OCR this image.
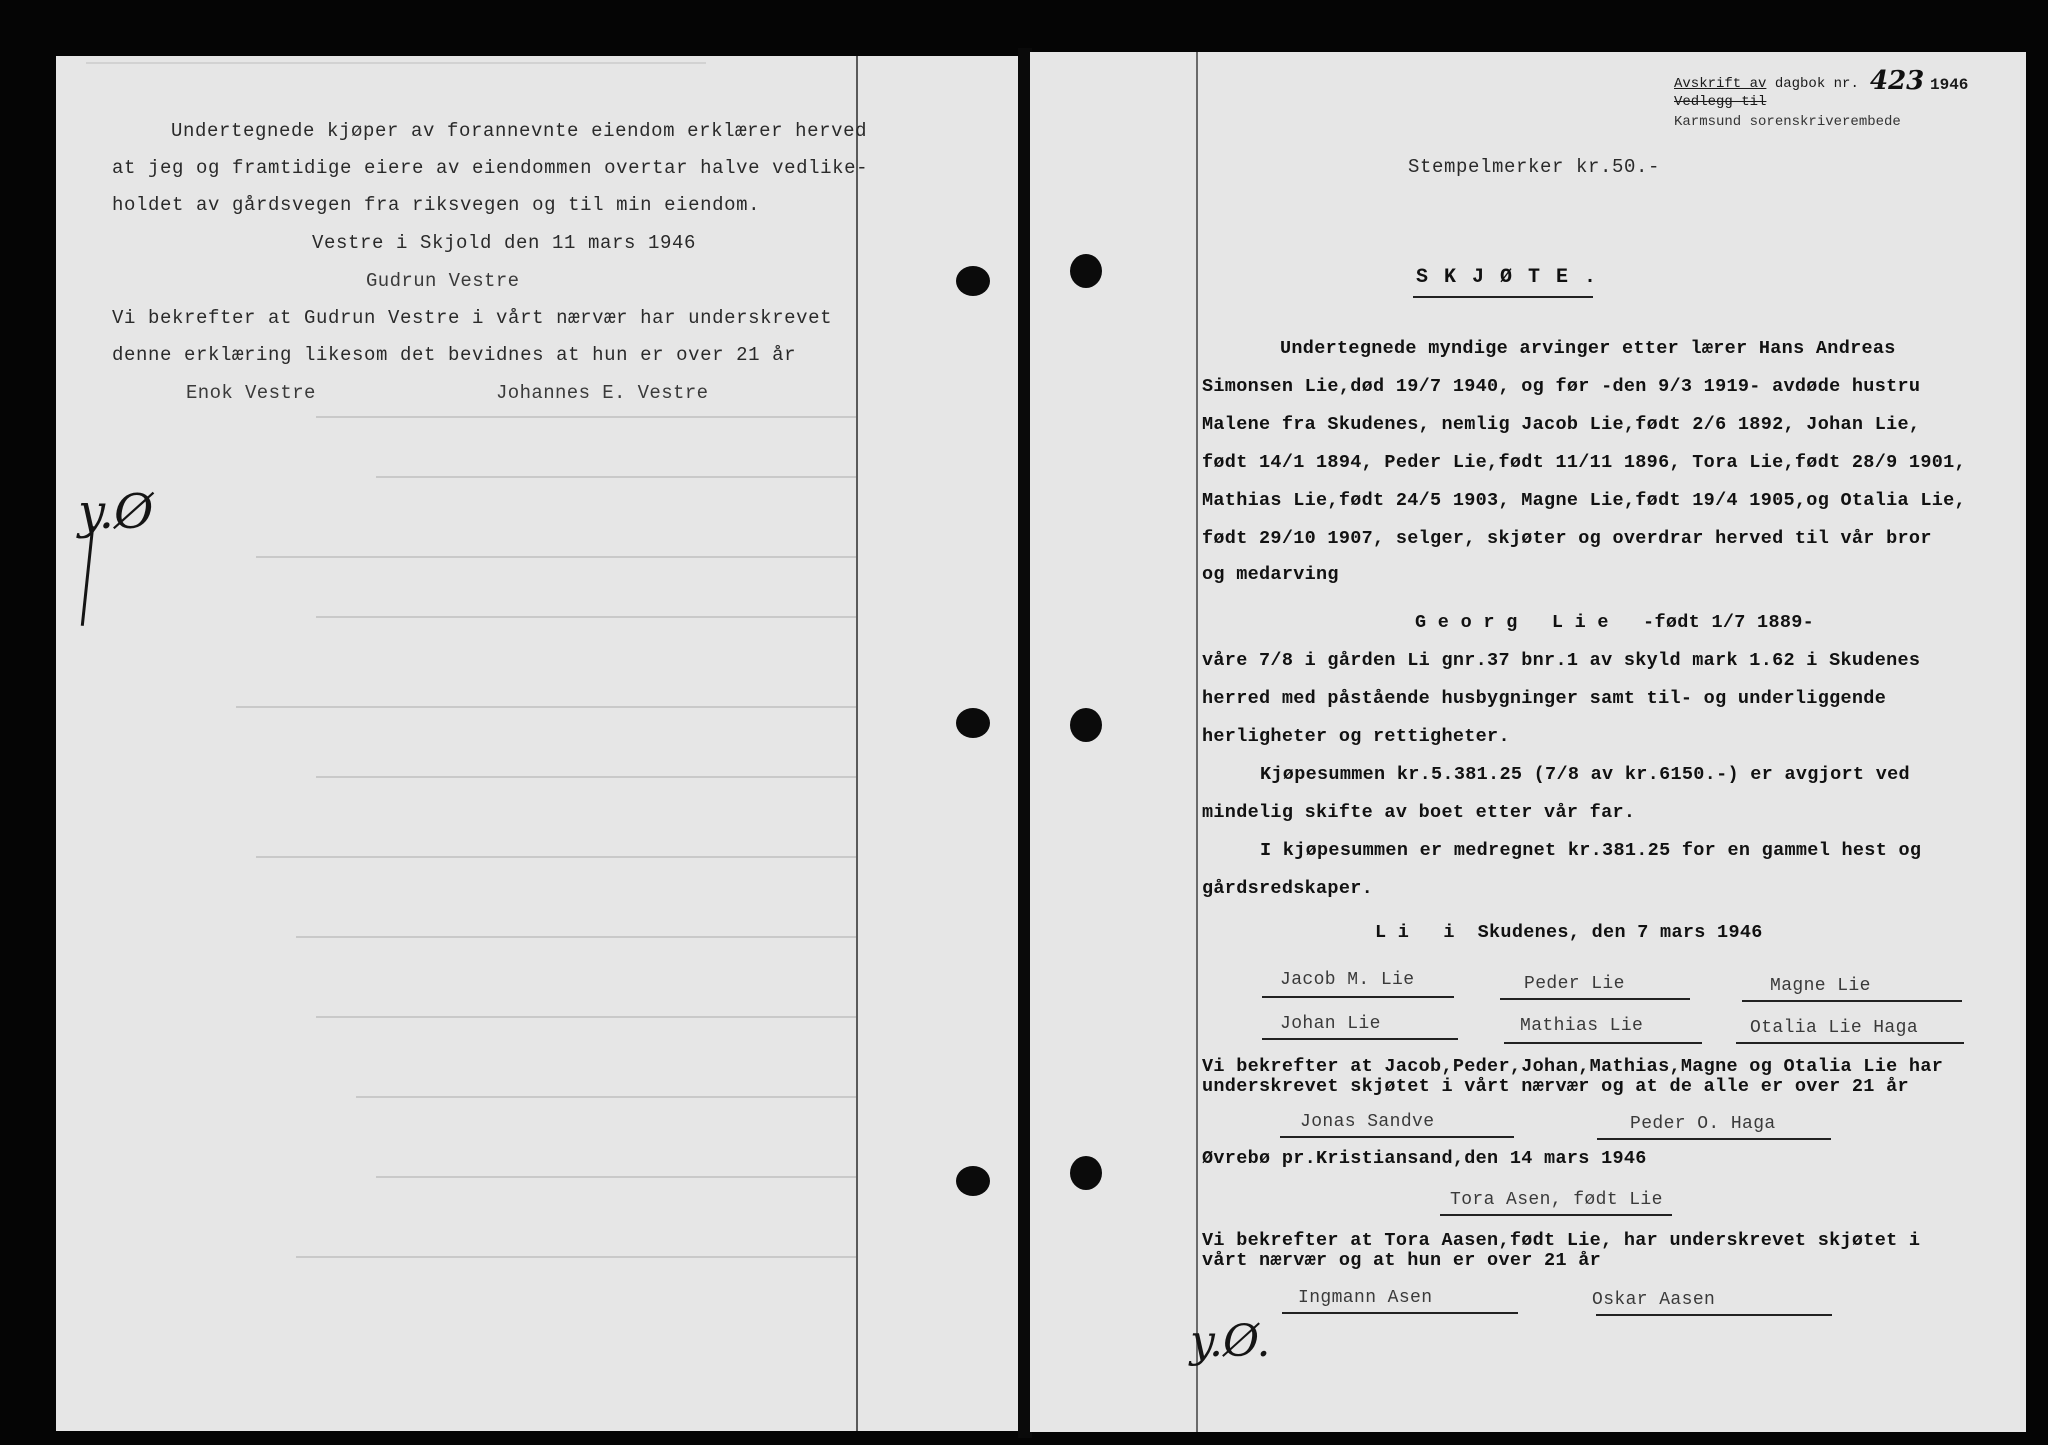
Undertegnede kjøper av forannevnte eiendom erklærer herved
at jeg og framtidige eiere av eiendommen overtar halve vedlike-
holdet av gårdsvegen fra riksvegen og til min eiendom.
Vestre i Skjold den 11 mars 1946
Gudrun Vestre
Vi bekrefter at Gudrun Vestre i vårt nærvær har underskrevet
denne erklæring likesom det bevidnes at hun er over 21 år
Enok Vestre	Johannes E. Vestre
y.Ø
Avskrift av dagbok nr.
Vedlegg til
423 1946
Karmsund sorenskriverembede
Stempelmerker kr.50.-
S K J Ø T E .
Undertegnede myndige arvinger etter lærer Hans Andreas
Simonsen Lie,død 19/7 1940, og før -den 9/3 1919- avdøde hustru
Malene fra Skudenes, nemlig Jacob Lie,født 2/6 1892, Johan Lie,
født 14/1 1894, Peder Lie,født 11/11 1896, Tora Lie,født 28/9 1901,
Mathias Lie,født 24/5 1903, Magne Lie,født 19/4 1905,og Otalia Lie,
født 29/10 1907, selger, skjøter og overdrar herved til vår bror
og medarving
G e o r g   L i e   -født 1/7 1889-
våre 7/8 i gården Li gnr.37 bnr.1 av skyld mark 1.62 i Skudenes
herred med påstående husbygninger samt til- og underliggende
herligheter og rettigheter.
Kjøpesummen kr.5.381.25 (7/8 av kr.6150.-) er avgjort ved
mindelig skifte av boet etter vår far.
I kjøpesummen er medregnet kr.381.25 for en gammel hest og
gårdsredskaper.
L i   i  Skudenes, den 7 mars 1946
Jacob M. Lie	Peder Lie	Magne Lie
Johan Lie	Mathias Lie	Otalia Lie Haga
Vi bekrefter at Jacob,Peder,Johan,Mathias,Magne og Otalia Lie har
underskrevet skjøtet i vårt nærvær og at de alle er over 21 år
Jonas Sandve	Peder O. Haga
Øvrebø pr.Kristiansand,den 14 mars 1946
Tora Asen, født Lie
Vi bekrefter at Tora Aasen,født Lie, har underskrevet skjøtet i
vårt nærvær og at hun er over 21 år
Ingmann Asen	Oskar Aasen
y.Ø.
